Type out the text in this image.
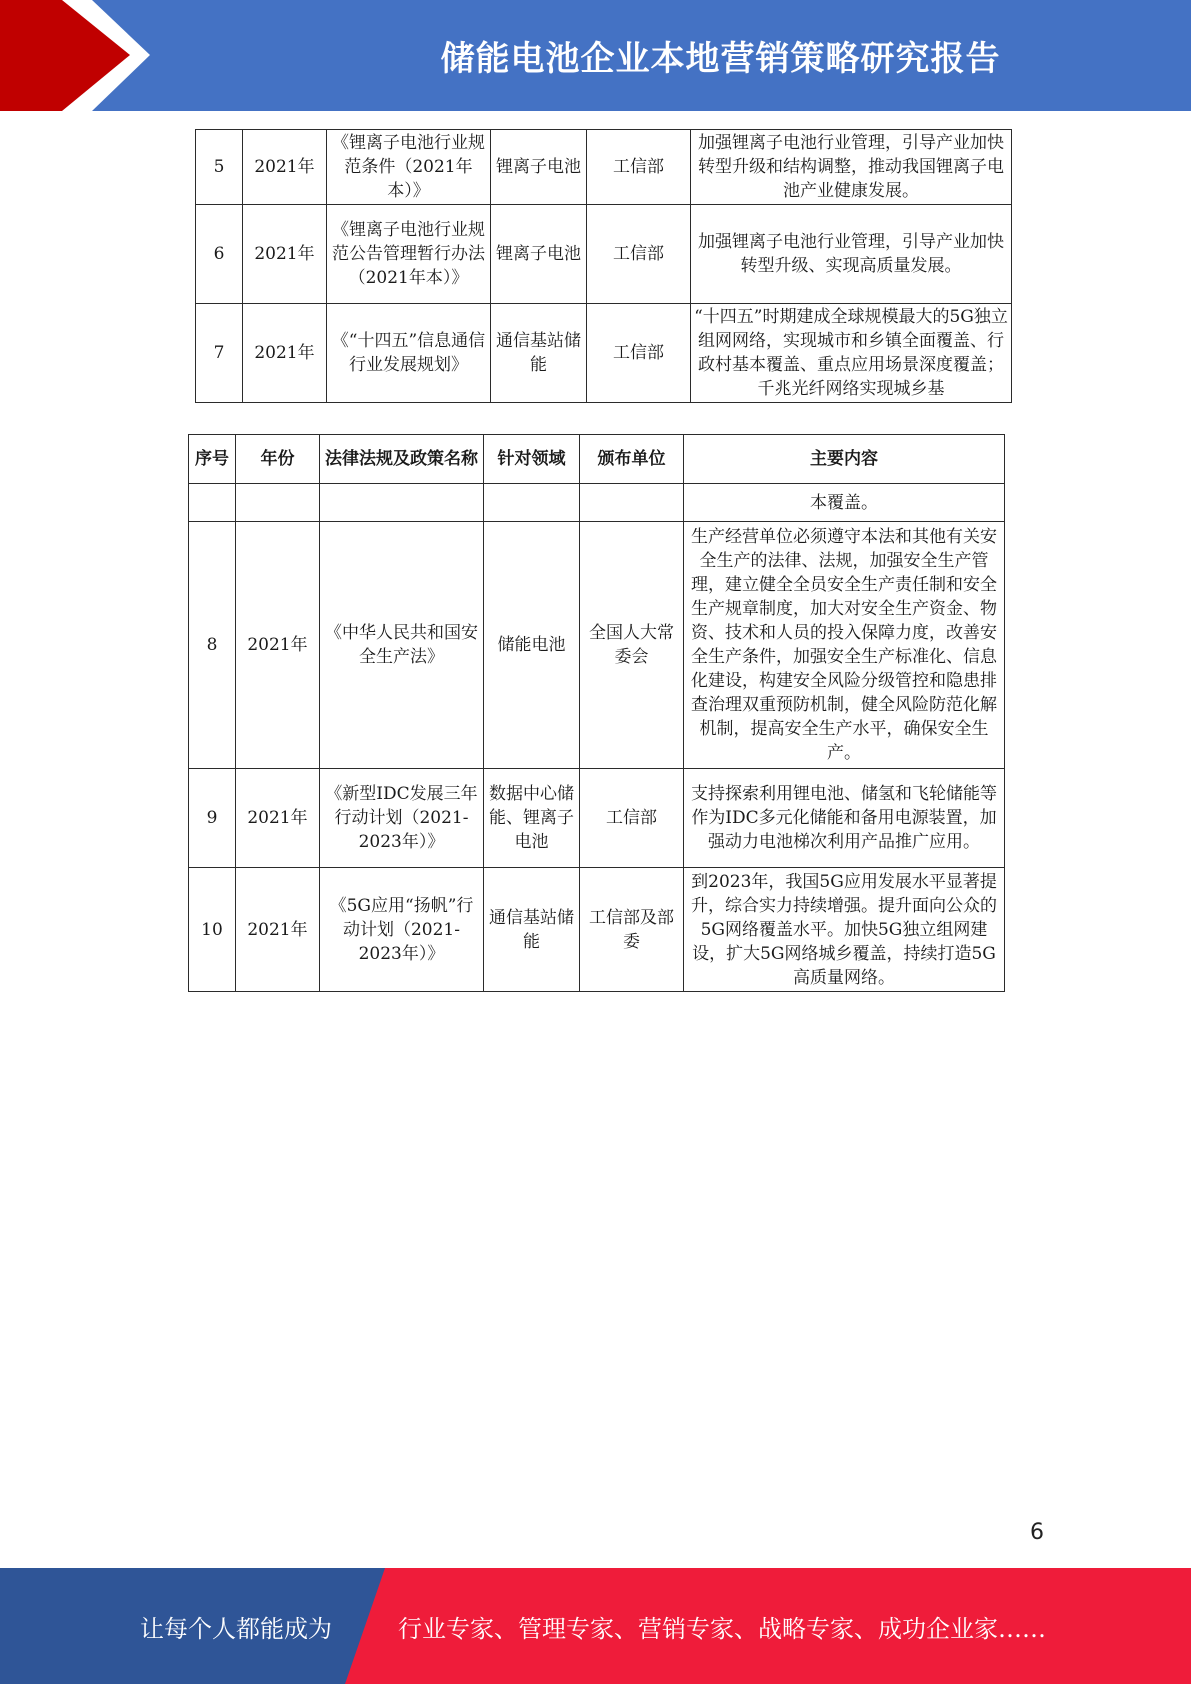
储能电池企业本地营销策略研究报告
5	2021年	《锂离子电池行业规范条件（2021年本）》	锂离子电池	工信部	加强锂离子电池行业管理，引导产业加快转型升级和结构调整，推动我国锂离子电池产业健康发展。
6	2021年	《锂离子电池行业规范公告管理暂行办法（2021年本）》	锂离子电池	工信部	加强锂离子电池行业管理，引导产业加快转型升级、实现高质量发展。
7	2021年	《“十四五”信息通信行业发展规划》	通信基站储能	工信部	“十四五”时期建成全球规模最大的5G独立组网网络，实现城市和乡镇全面覆盖、行政村基本覆盖、重点应用场景深度覆盖；千兆光纤网络实现城乡基
序号	年份	法律法规及政策名称	针对领域	颁布单位	主要内容
					本覆盖。
8	2021年	《中华人民共和国安全生产法》	储能电池	全国人大常委会	生产经营单位必须遵守本法和其他有关安全生产的法律、法规，加强安全生产管理，建立健全全员安全生产责任制和安全生产规章制度，加大对安全生产资金、物资、技术和人员的投入保障力度，改善安全生产条件，加强安全生产标准化、信息化建设，构建安全风险分级管控和隐患排查治理双重预防机制，健全风险防范化解机制，提高安全生产水平，确保安全生产。
9	2021年	《新型IDC发展三年行动计划（2021-2023年）》	数据中心储能、锂离子电池	工信部	支持探索利用锂电池、储氢和飞轮储能等作为IDC多元化储能和备用电源装置，加强动力电池梯次利用产品推广应用。
10	2021年	《5G应用“扬帆”行动计划（2021-2023年）》	通信基站储能	工信部及部委	到2023年，我国5G应用发展水平显著提升，综合实力持续增强。提升面向公众的5G网络覆盖水平。加快5G独立组网建设，扩大5G网络城乡覆盖，持续打造5G高质量网络。
6
让每个人都能成为	行业专家、管理专家、营销专家、战略专家、成功企业家……
